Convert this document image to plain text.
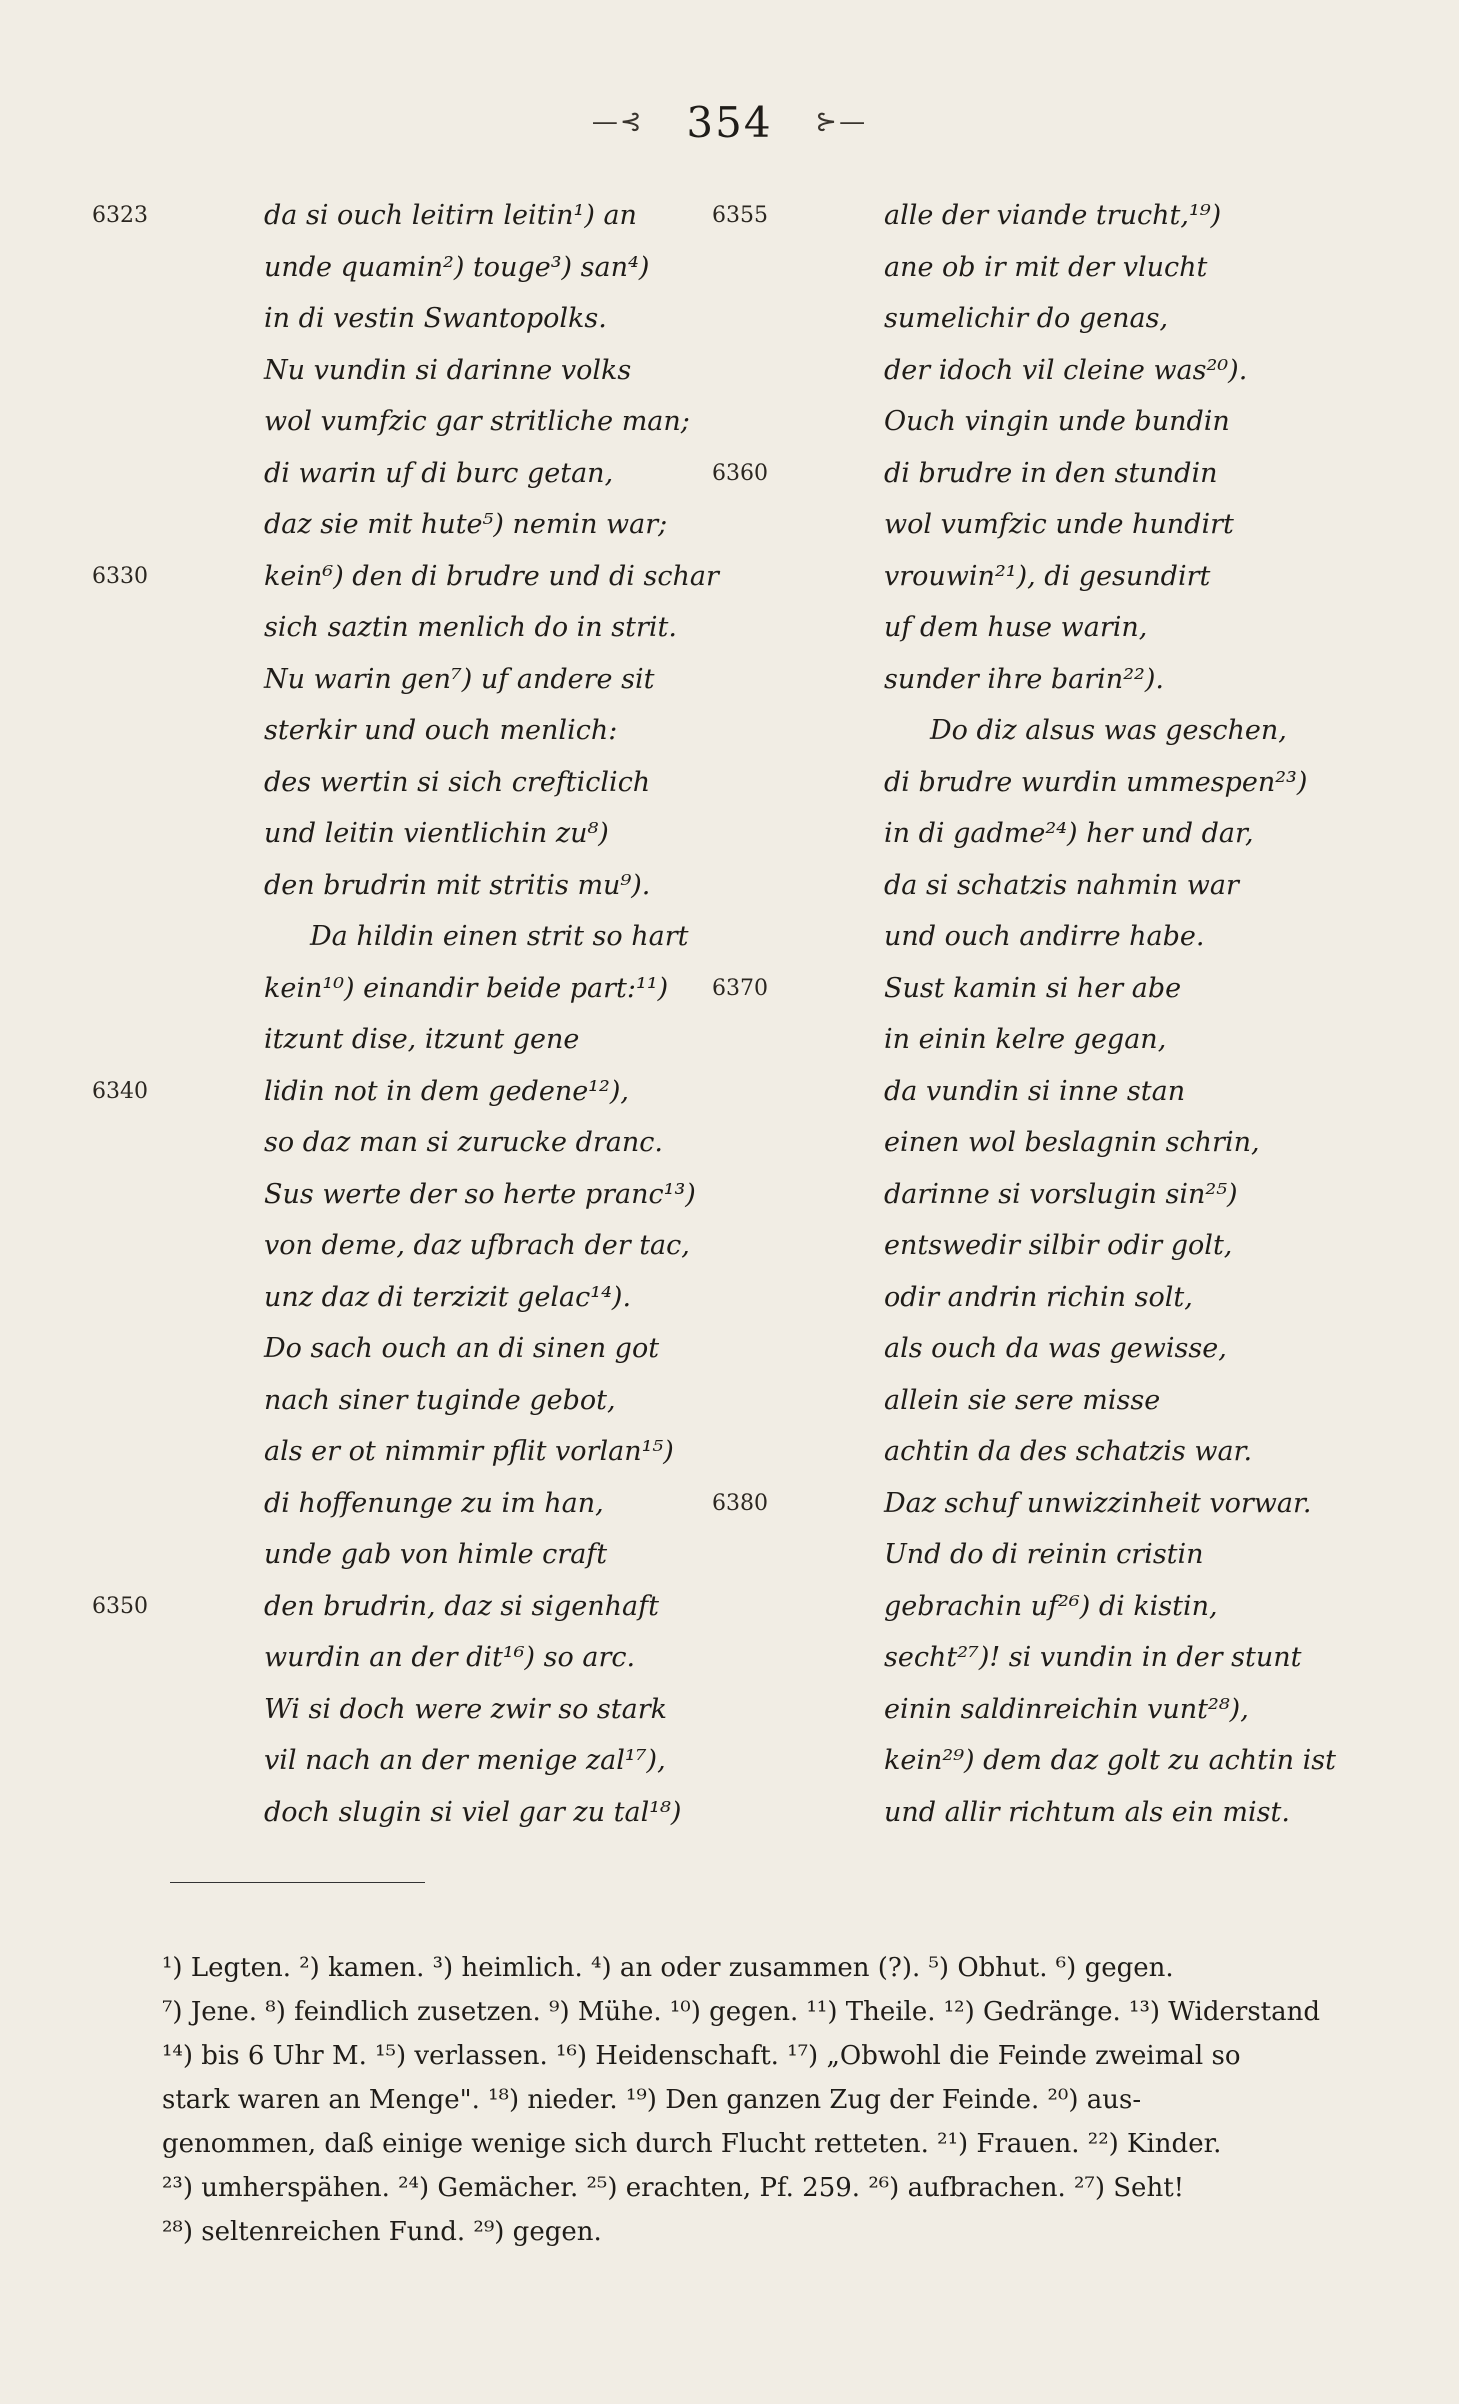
—⊰ 354 ⊱—
6323	da si ouch leitirn leitin¹) an
unde quamin²) tougе³) san⁴)
in di vestin Swantopolks.
Nu vundin si darinne volks
wol vumfzic gar stritliche man;
di warin uf di burc getan,
daz sie mit hute⁵) nemin war;
6330	kein⁶) den di brudre und di schar
sich saztin menlich do in strit.
Nu warin gen⁷) uf andere sit
sterkir und ouch menlich:
des wertin si sich crefticlich
und leitin vientlichin zu⁸)
den brudrin mit stritis mu⁹).
Da hildin einen strit so hart
kein¹⁰) einandir beide part:¹¹)
itzunt dise, itzunt gene
6340	lidin not in dem gedene¹²),
so daz man si zurucke dranc.
Sus werte der so herte pranc¹³)
von deme, daz ufbrach der tac,
unz daz di terzizit gelac¹⁴).
Do sach ouch an di sinen got
nach siner tuginde gebot,
als er ot nimmir pflit vorlan¹⁵)
di hoffenunge zu im han,
unde gab von himle craft
6350	den brudrin, daz si sigenhaft
wurdin an der dit¹⁶) so arc.
Wi si doch were zwir so stark
vil nach an der menige zal¹⁷),
doch slugin si viel gar zu tal¹⁸)
6355	alle der viande trucht,¹⁹)
ane ob ir mit der vlucht
sumelichir do genas,
der idoch vil cleine was²⁰).
Ouch vingin unde bundin
6360	di brudre in den stundin
wol vumfzic unde hundirt
vrouwin²¹), di gesundirt
uf dem huse warin,
sunder ihre barin²²).
Do diz alsus was geschen,
di brudre wurdin ummespen²³)
in di gadme²⁴) her und dar,
da si schatzis nahmin war
und ouch andirre habe.
6370	Sust kamin si her abe
in einin kelre gegan,
da vundin si inne stan
einen wol beslagnin schrin,
darinne si vorslugin sin²⁵)
entswedir silbir odir golt,
odir andrin richin solt,
als ouch da was gewisse,
allein sie sere misse
achtin da des schatzis war.
6380	Daz schuf unwizzinheit vorwar.
Und do di reinin cristin
gebrachin uf²⁶) di kistin,
secht²⁷)! si vundin in der stunt
einin saldinreichin vunt²⁸),
kein²⁹) dem daz golt zu achtin ist
und allir richtum als ein mist.

¹) Legten. ²) kamen. ³) heimlich. ⁴) an oder zusammen (?). ⁵) Obhut. ⁶) gegen.

⁷) Jene. ⁸) feindlich zusetzen. ⁹) Mühe. ¹⁰) gegen. ¹¹) Theile. ¹²) Gedränge. ¹³) Widerstand

¹⁴) bis 6 Uhr M. ¹⁵) verlassen. ¹⁶) Heidenschaft. ¹⁷) „Obwohl die Feinde zweimal so

stark waren an Menge". ¹⁸) nieder. ¹⁹) Den ganzen Zug der Feinde. ²⁰) aus-

genommen, daß einige wenige sich durch Flucht retteten. ²¹) Frauen. ²²) Kinder.

²³) umherspähen. ²⁴) Gemächer. ²⁵) erachten, Pf. 259. ²⁶) aufbrachen. ²⁷) Seht!

²⁸) seltenreichen Fund. ²⁹) gegen.
